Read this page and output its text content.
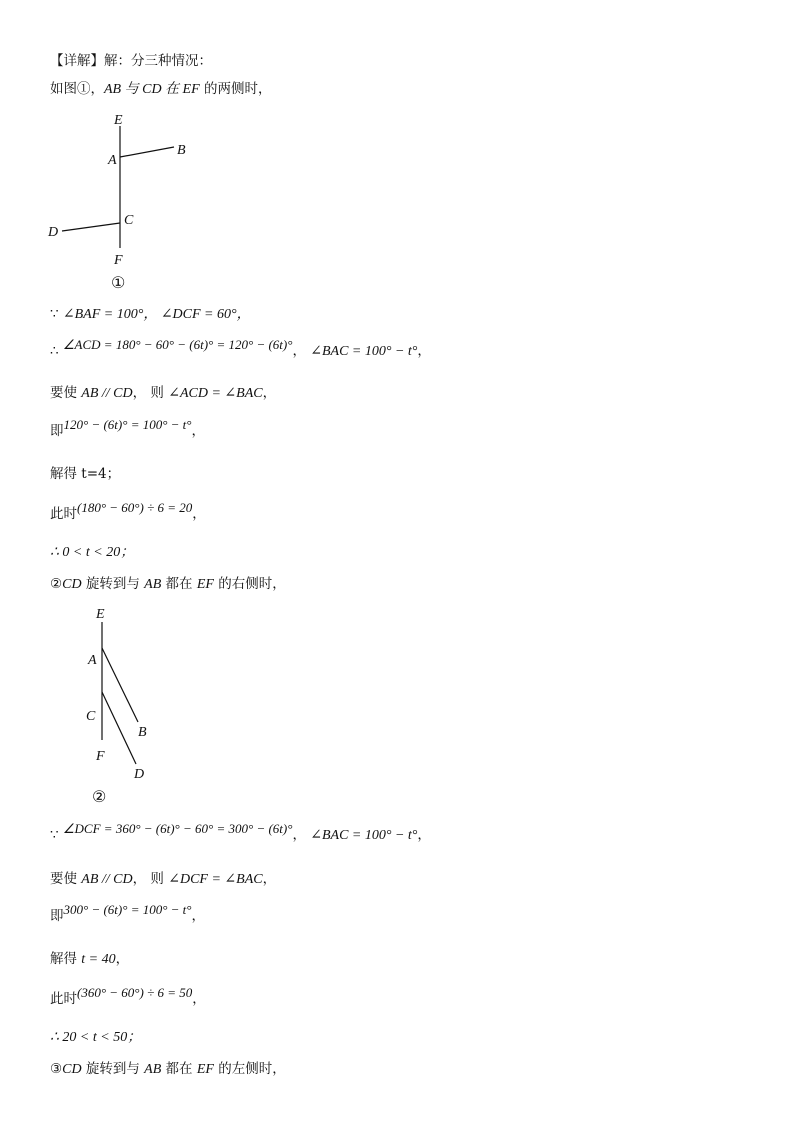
【详解】解：分三种情况：
如图①，AB 与 CD 在 EF 的两侧时，
E
A
B
C
D
F
①
∵ ∠BAF = 100°， ∠DCF = 60°，
∴ ∠ACD = 180° − 60° − (6t)° = 120° − (6t)°， ∠BAC = 100° − t°，
要使 AB // CD， 则 ∠ACD = ∠BAC，
即120° − (6t)° = 100° − t°，
解得 t=4；
此时(180° − 60°) ÷ 6 = 20，
∴ 0 < t < 20；
②CD 旋转到与 AB 都在 EF 的右侧时，
E
A
B
C
D
F
②
∵ ∠DCF = 360° − (6t)° − 60° = 300° − (6t)°， ∠BAC = 100° − t°，
要使 AB // CD， 则 ∠DCF = ∠BAC，
即300° − (6t)° = 100° − t°，
解得 t = 40，
此时(360° − 60°) ÷ 6 = 50，
∴ 20 < t < 50；
③CD 旋转到与 AB 都在 EF 的左侧时，
